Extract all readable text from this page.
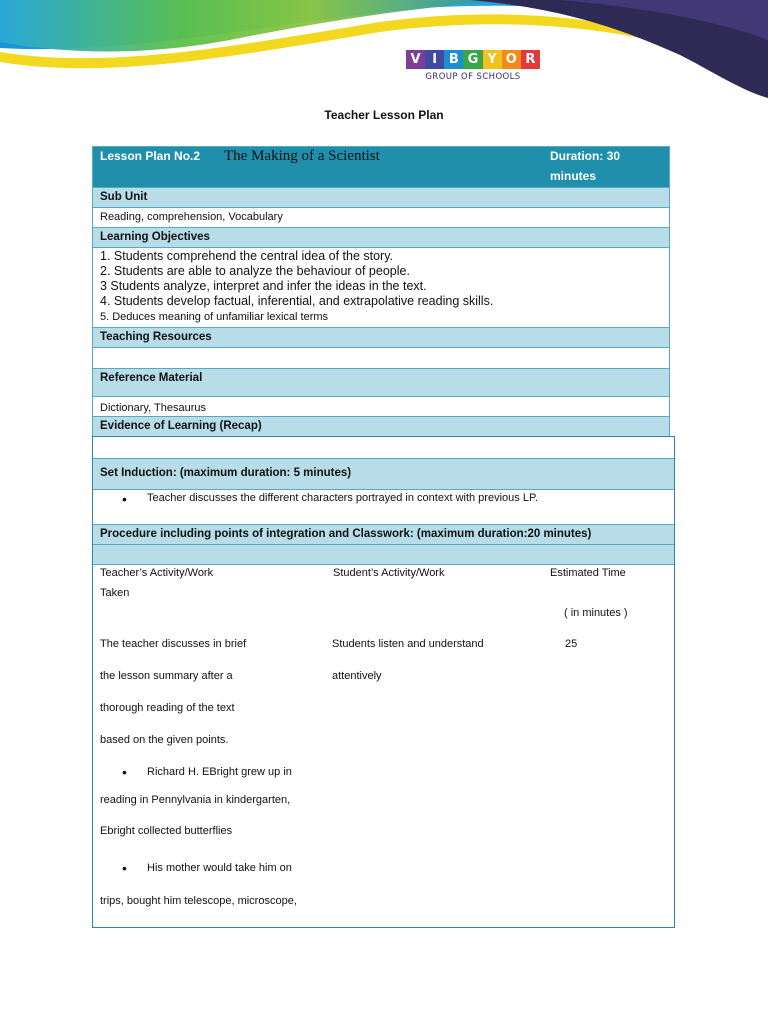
V I B G Y O R
GROUP OF SCHOOLS
Teacher Lesson Plan
Lesson Plan No.2 The Making of a Scientist	Duration: 30
minutes
Sub Unit
Reading, comprehension, Vocabulary
Learning Objectives
1. Students comprehend the central idea of the story.
2. Students are able to analyze the behaviour of people.
3 Students analyze, interpret and infer the ideas in the text.
4. Students develop factual, inferential, and extrapolative reading skills.
5. Deduces meaning of unfamiliar lexical terms
Teaching Resources
Reference Material
Dictionary, Thesaurus
Evidence of Learning (Recap)
Set Induction: (maximum duration: 5 minutes)
• Teacher discusses the different characters portrayed in context with previous LP.
Procedure including points of integration and Classwork: (maximum duration:20 minutes)
Teacher’s Activity/Work
Taken
Student’s Activity/Work	Estimated Time
( in minutes )
The teacher discusses in brief
the lesson summary after a
thorough reading of the text
based on the given points.
Students listen and understand
attentively
25
• Richard H. EBright grew up in
reading in Pennylvania in kindergarten,
Ebright collected butterflies
• His mother would take him on
trips, bought him telescope, microscope,
